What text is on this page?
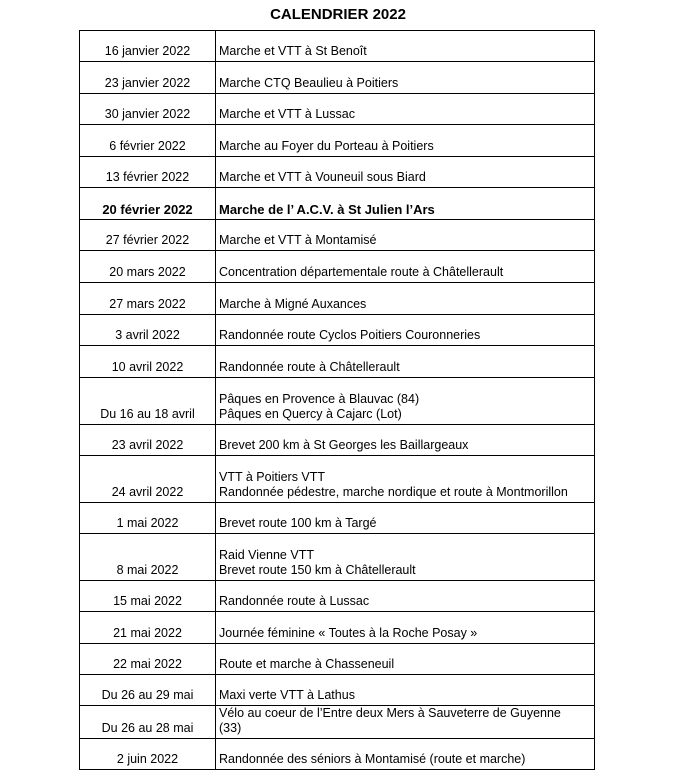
CALENDRIER 2022
16 janvier 2022	Marche et VTT à St Benoît

23 janvier 2022	Marche CTQ Beaulieu à Poitiers

30 janvier 2022	Marche et VTT à Lussac

6 février 2022	Marche au Foyer du Porteau à Poitiers

13 février 2022	Marche et VTT à Vouneuil sous Biard

20 février 2022	Marche de l’ A.C.V. à St Julien l’Ars

27 février 2022	Marche et VTT à Montamisé

20 mars 2022	Concentration départementale route à Châtellerault

27 mars 2022	Marche à Migné Auxances

3 avril 2022	Randonnée route Cyclos Poitiers Couronneries

10 avril 2022	Randonnée route à Châtellerault

Du 16 au 18 avril	Pâques en Provence à Blauvac (84)
Pâques en Quercy à Cajarc (Lot)

23 avril 2022	Brevet 200 km à St Georges les Baillargeaux

24 avril 2022	VTT à Poitiers VTT
Randonnée pédestre, marche nordique et route à Montmorillon

1 mai 2022	Brevet route 100 km à Targé

8 mai 2022	Raid Vienne VTT
Brevet route 150 km à Châtellerault

15 mai 2022	Randonnée route à Lussac

21 mai 2022	Journée féminine « Toutes à la Roche Posay »

22 mai 2022	Route et marche à Chasseneuil

Du 26 au 29 mai	Maxi verte VTT à Lathus

Du 26 au 28 mai	Vélo au coeur de l’Entre deux Mers à Sauveterre de Guyenne
(33)

2 juin 2022	Randonnée des séniors à Montamisé (route et marche)
